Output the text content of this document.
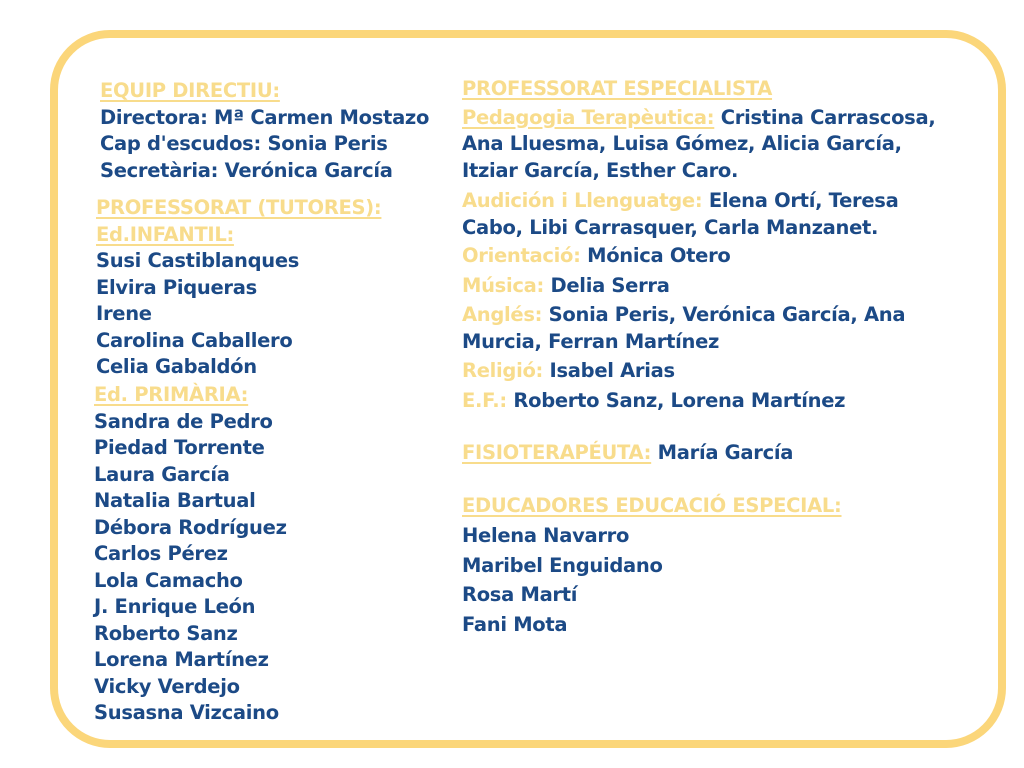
EQUIP DIRECTIU:
Directora: Mª Carmen Mostazo
Cap d'escudos: Sonia Peris
Secretària: Verónica García
PROFESSORAT (TUTORES):
Ed.INFANTIL:
Susi Castiblanques
Elvira Piqueras
Irene
Carolina Caballero
Celia Gabaldón
Ed. PRIMÀRIA:
Sandra de Pedro
Piedad Torrente
Laura García
Natalia Bartual
Débora Rodríguez
Carlos Pérez
Lola Camacho
J. Enrique León
Roberto Sanz
Lorena Martínez
Vicky Verdejo
Susasna Vizcaino
PROFESSORAT ESPECIALISTA
Pedagogia Terapèutica: Cristina Carrascosa,
Ana Lluesma, Luisa Gómez, Alicia García,
Itziar García, Esther Caro.
Audición i Llenguatge: Elena Ortí, Teresa
Cabo, Libi Carrasquer, Carla Manzanet.
Orientació: Mónica Otero
Música: Delia Serra
Anglés: Sonia Peris, Verónica García, Ana
Murcia, Ferran Martínez
Religió: Isabel Arias
E.F.: Roberto Sanz, Lorena Martínez
FISIOTERAPÉUTA: María García
EDUCADORES EDUCACIÓ ESPECIAL:
Helena Navarro
Maribel Enguidano
Rosa Martí
Fani Mota
